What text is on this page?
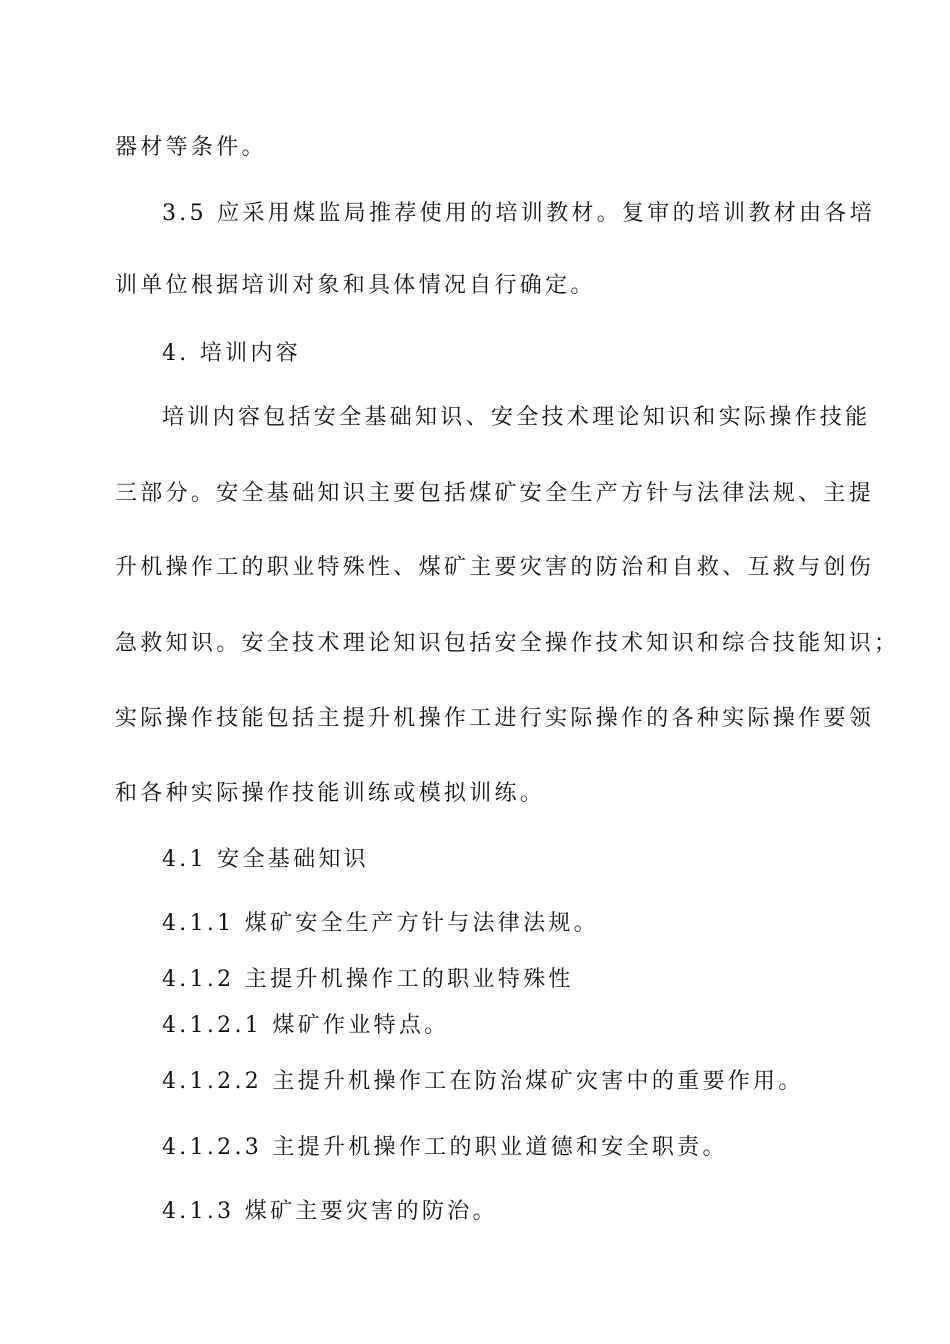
器材等条件。
3.5 应采用煤监局推荐使用的培训教材。复审的培训教材由各培
训单位根据培训对象和具体情况自行确定。
4. 培训内容
培训内容包括安全基础知识、安全技术理论知识和实际操作技能
三部分。安全基础知识主要包括煤矿安全生产方针与法律法规、主提
升机操作工的职业特殊性、煤矿主要灾害的防治和自救、互救与创伤
急救知识。安全技术理论知识包括安全操作技术知识和综合技能知识；
实际操作技能包括主提升机操作工进行实际操作的各种实际操作要领
和各种实际操作技能训练或模拟训练。
4.1 安全基础知识
4.1.1 煤矿安全生产方针与法律法规。
4.1.2 主提升机操作工的职业特殊性
4.1.2.1 煤矿作业特点。
4.1.2.2 主提升机操作工在防治煤矿灾害中的重要作用。
4.1.2.3 主提升机操作工的职业道德和安全职责。
4.1.3 煤矿主要灾害的防治。
